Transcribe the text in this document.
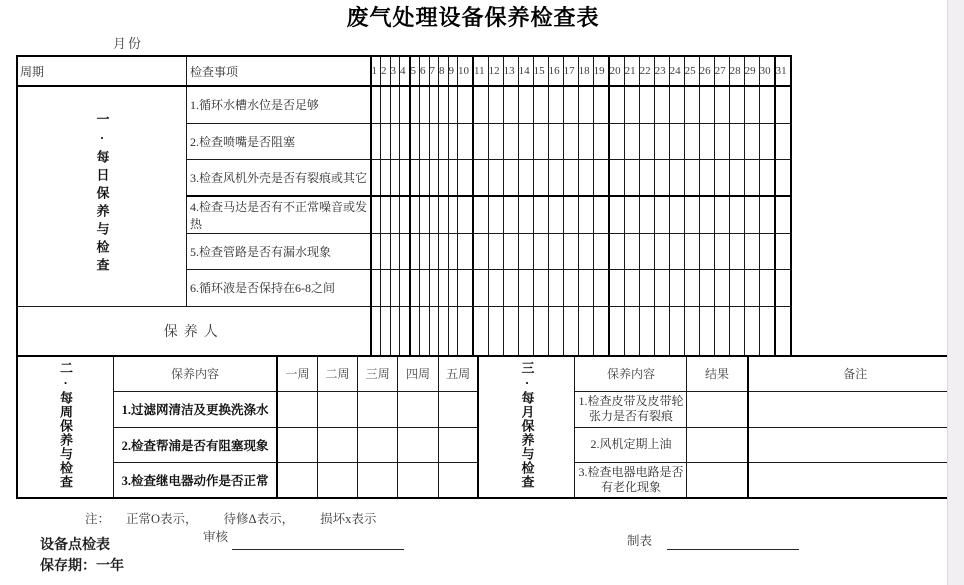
废气处理设备保养检查表
月份
周期	检查事项	1	2	3	4	5	6	7	8	9	10	11	12	13	14	15	16	17	18	19	20	21	22	23	24	25	26	27	28	29	30	31
一·每日保养与检查	1.循环水槽水位是否足够																															
	2.检查喷嘴是否阻塞																															
	3.检查风机外壳是否有裂痕或其它																															
	4.检查马达是否有不正常噪音或发热																															
	5.检查管路是否有漏水现象																															
	6.循环液是否保持在6-8之间																															
保养人																																
二·每周保养与检查	保养内容	一周	二周	三周	四周	五周	三·每月保养与检查	保养内容	结果	备注
	1.过滤网清洁及更换洗涤水							1.检查皮带及皮带轮张力是否有裂痕		
	2.检查帮浦是否有阻塞现象							2.风机定期上油		
	3.检查继电器动作是否正常							3.检查电器电路是否有老化现象		
注： 正常O表示， 待修Δ表示， 损坏x表示
审核	制表
设备点检表
保存期：一年
